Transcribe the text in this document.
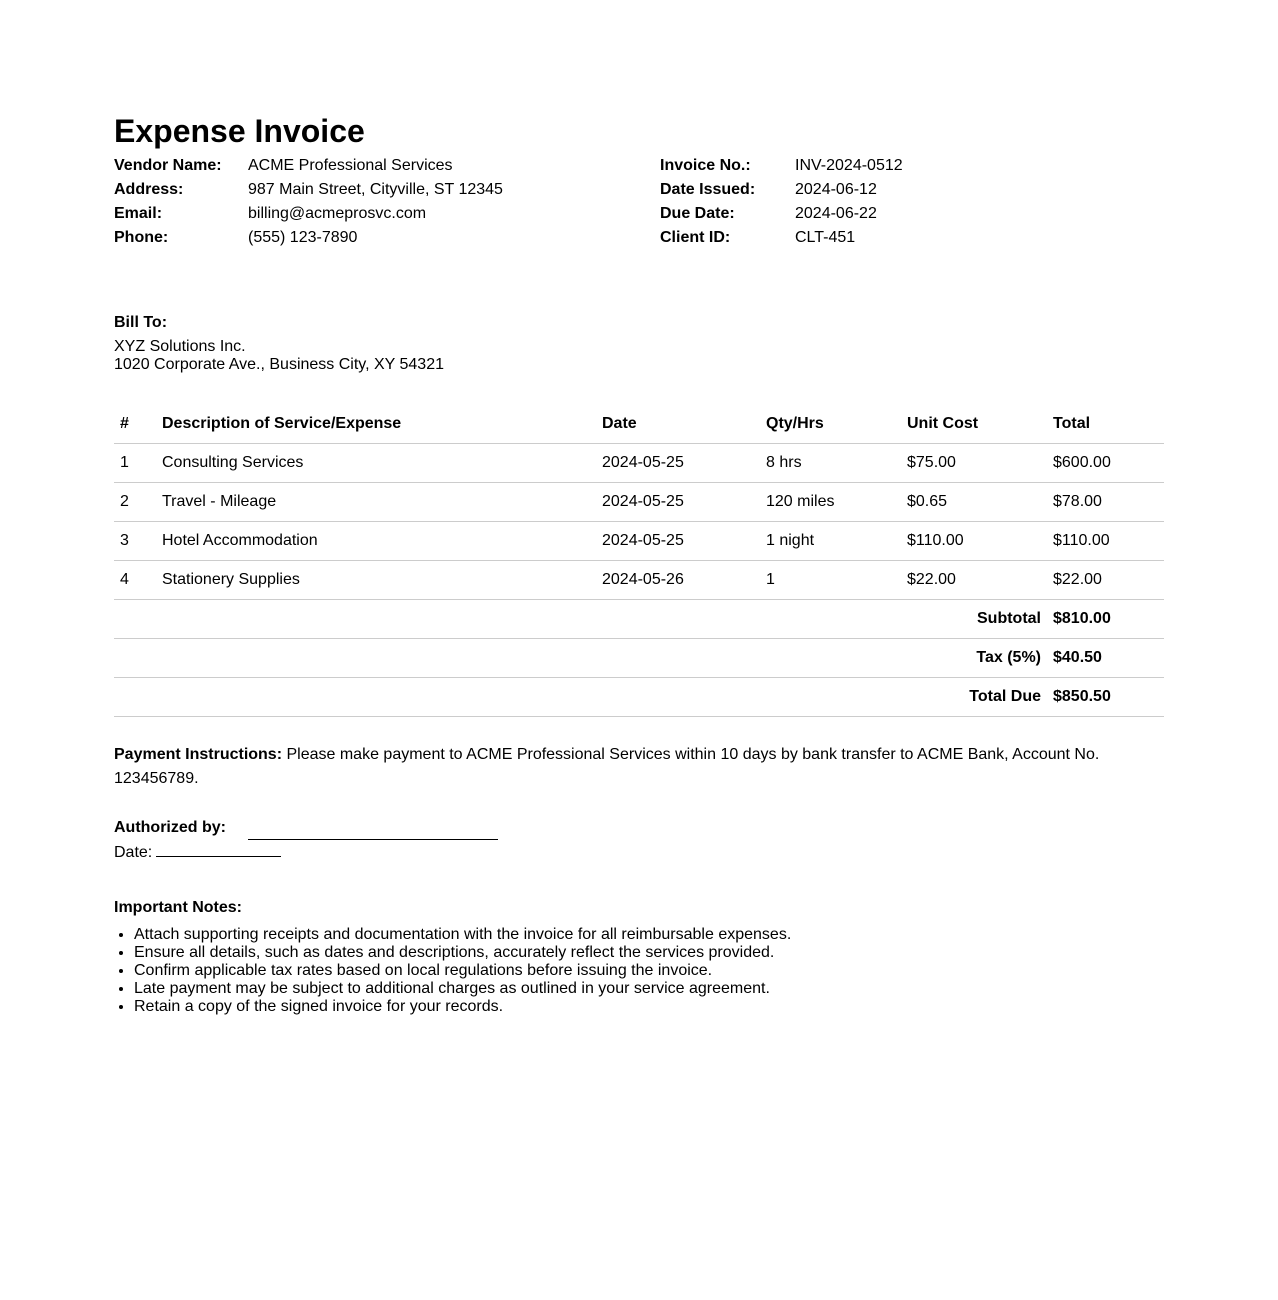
Expense Invoice
Vendor Name:	ACME Professional Services
Address:	987 Main Street, Cityville, ST 12345
Email:	billing@acmeprosvc.com
Phone:	(555) 123-7890
Invoice No.:	INV-2024-0512
Date Issued:	2024-06-12
Due Date:	2024-06-22
Client ID:	CLT-451
Bill To:
XYZ Solutions Inc.
1020 Corporate Ave., Business City, XY 54321
#	Description of Service/Expense	Date	Qty/Hrs	Unit Cost	Total
1	Consulting Services	2024-05-25	8 hrs	$75.00	$600.00
2	Travel - Mileage	2024-05-25	120 miles	$0.65	$78.00
3	Hotel Accommodation	2024-05-25	1 night	$110.00	$110.00
4	Stationery Supplies	2024-05-26	1	$22.00	$22.00
Subtotal					$810.00
Tax (5%)					$40.50
Total Due					$850.50
Payment Instructions: Please make payment to ACME Professional Services within 10 days by bank transfer to ACME Bank, Account No. 123456789.
Authorized by:
Date:
Important Notes:
• Attach supporting receipts and documentation with the invoice for all reimbursable expenses.
• Ensure all details, such as dates and descriptions, accurately reflect the services provided.
• Confirm applicable tax rates based on local regulations before issuing the invoice.
• Late payment may be subject to additional charges as outlined in your service agreement.
• Retain a copy of the signed invoice for your records.
